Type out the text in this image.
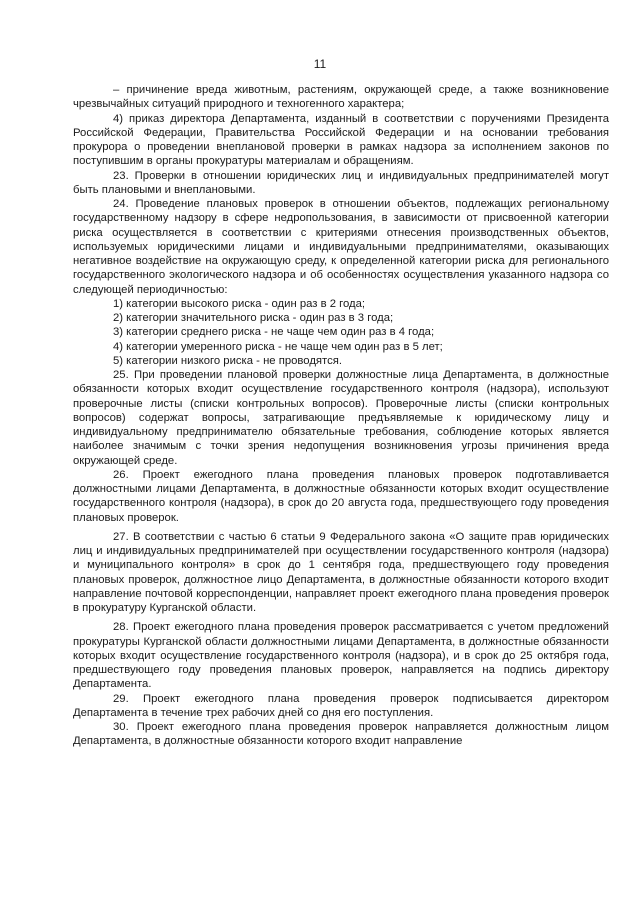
11

– причинение вреда животным, растениям, окружающей среде, а также возникновение чрезвычайных ситуаций природного и техногенного характера;

4) приказ директора Департамента, изданный в соответствии с поручениями Президента Российской Федерации, Правительства Российской Федерации и на основании требования прокурора о проведении внеплановой проверки в рамках надзора за исполнением законов по поступившим в органы прокуратуры материалам и обращениям.

23. Проверки в отношении юридических лиц и индивидуальных предпринимателей могут быть плановыми и внеплановыми.

24. Проведение плановых проверок в отношении объектов, подлежащих региональному государственному надзору в сфере недропользования, в зависимости от присвоенной категории риска осуществляется в соответствии с критериями отнесения производственных объектов, используемых юридическими лицами и индивидуальными предпринимателями, оказывающих негативное воздействие на окружающую среду, к определенной категории риска для регионального государственного экологического надзора и об особенностях осуществления указанного надзора со следующей периодичностью:

1) категории высокого риска - один раз в 2 года;

2) категории значительного риска - один раз в 3 года;

3) категории среднего риска - не чаще чем один раз в 4 года;

4) категории умеренного риска - не чаще чем один раз в 5 лет;

5) категории низкого риска - не проводятся.

25. При проведении плановой проверки должностные лица Департамента, в должностные обязанности которых входит осуществление государственного контроля (надзора), используют проверочные листы (списки контрольных вопросов). Проверочные листы (списки контрольных вопросов) содержат вопросы, затрагивающие предъявляемые к юридическому лицу и индивидуальному предпринимателю обязательные требования, соблюдение которых является наиболее значимым с точки зрения недопущения возникновения угрозы причинения вреда окружающей среде.

26. Проект ежегодного плана проведения плановых проверок подготавливается должностными лицами Департамента, в должностные обязанности которых входит осуществление государственного контроля (надзора), в срок до 20 августа года, предшествующего году проведения плановых проверок.

27. В соответствии с частью 6 статьи 9 Федерального закона «О защите прав юридических лиц и индивидуальных предпринимателей при осуществлении государственного контроля (надзора) и муниципального контроля» в срок до 1 сентября года, предшествующего году проведения плановых проверок, должностное лицо Департамента, в должностные обязанности которого входит направление почтовой корреспонденции, направляет проект ежегодного плана проведения проверок в прокуратуру Курганской области.

28. Проект ежегодного плана проведения проверок рассматривается с учетом предложений прокуратуры Курганской области должностными лицами Департамента, в должностные обязанности которых входит осуществление государственного контроля (надзора), и в срок до 25 октября года, предшествующего году проведения плановых проверок, направляется на подпись директору Департамента.

29. Проект ежегодного плана проведения проверок подписывается директором Департамента в течение трех рабочих дней со дня его поступления.

30. Проект ежегодного плана проведения проверок направляется должностным лицом Департамента, в должностные обязанности которого входит направление
